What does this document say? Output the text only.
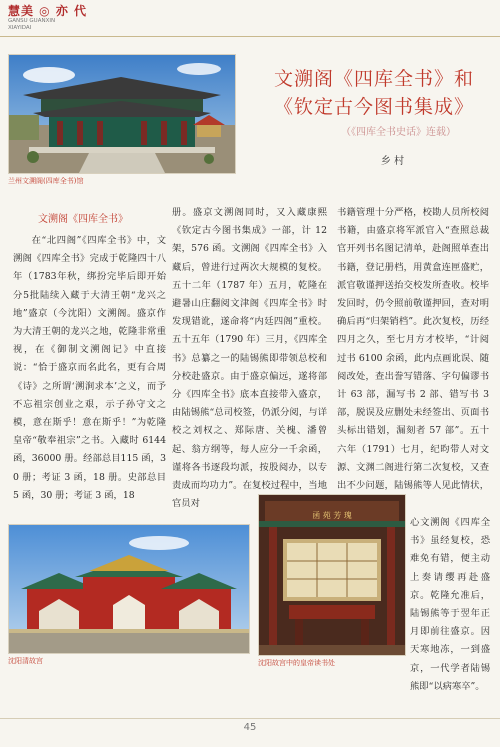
慧美 ◎ 亦 代
GANSU GUANXIN
XIAYIDAI
兰州文溯阁(四库全书)馆
文溯阁《四库全书》和
《钦定古今图书集成》
（《四库全书史话》连载）
乡 村
文溯阁《四库全书》

在“北四阁”《四库全书》中，文溯阁《四库全书》完成于乾隆四十八年（1783年秋，绑扮完毕后即开始分5批陆续入藏于大清王朝“龙兴之地”盛京（今沈阳）文溯阁。盛京作为大清王朝的龙兴之地，乾隆非常重视，在《御制文溯阁记》中直接说：“恰于盛京而名此名，更有合周《诗》之所谓‘溯涧求本’之义，而予不忘祖宗创业之艰，示子孙守文之模，意在斯乎！意在斯乎！”为乾隆皇帝“敬奉祖宗”之书。入藏时 6144 函，36000 册。经部总目115 函，30 册；考证 3 函，18 册。史部总目 5 函，30 册；考证 3 函，18

册。盛京文溯阁同时，又入藏康熙《钦定古今图书集成》一部，计 12 架，576 函。文溯阁《四库全书》入藏后，曾进行过两次大规模的复校。五十二年（1787 年）五月，乾隆在避暑山庄翻阅文津阁《四库全书》时发现错讹，遂命将“内廷四阁”重校。五十五年（1790 年）三月，《四库全书》总纂之一的陆锡熊即带领总校和分校赴盛京。由于盛京偏远，遂将部分《四库全书》底本直接带入盛京，由陆锡熊“总司校签，仍派分阅，与详校之刘权之、郑际唐、关槐、潘曾起、翁方纲等，每人应分一千余函，谨将各书逐段均派，按股阅办，以专责成而均功力”。在复校过程中，当地官员对

书籍管理十分严格，校勘人员所校阅书籍，由盛京将军派官入“查照总裁官开列书名图记清单，赴阁照单查出书籍，登记册档，用黄盒连匣盛贮，派官敬谨押送抬交校发所查收。校毕发回时，仍令照前敬谨押回，查对明确后再“归架销档”。此次复校，历经四月之久，至七月方才校毕，“计阅过书 6100 余函，此内点画讹误、随阅改处，查出誊写错落、字句偏谬书计 63 部，漏写书 2 部、错写书 3 部，脱误及应删处未经签出、页面书头标出错划，漏刻者 57 部”。五十六年（1791）七月，纪昀带人对文源、文渊二阁进行第二次复校，又查出不少问题，陆锡熊等人见此情状，

心文溯阁《四库全书》虽经复校，恐难免有错，便主动上奏请缨再赴盛京。乾隆允准后，陆锡熊等于翌年正月即前往盛京。因天寒地冻，一到盛京，一代学者陆锡熊即“以病寒卒”。

沈阳清故宫
函 苑 芳 瑰
沈阳故宫中的皇帝读书处
45
